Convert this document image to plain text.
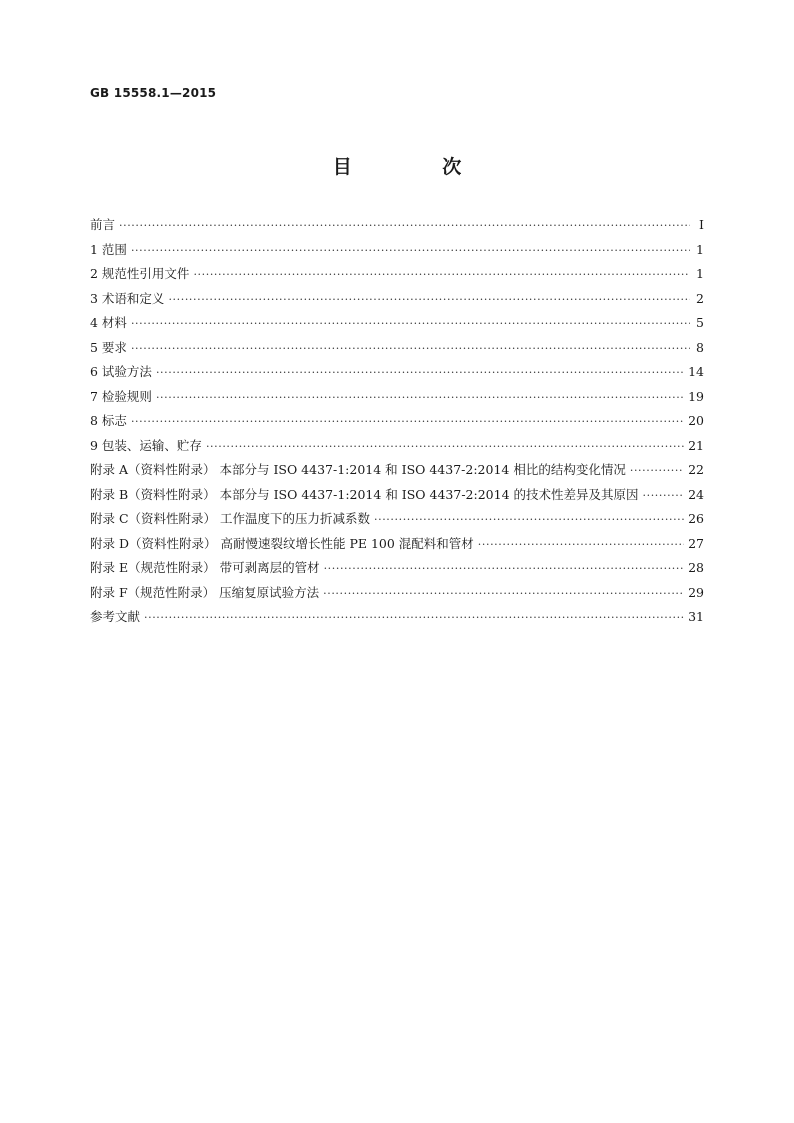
GB 15558.1—2015
目 次
前言 ·····	Ⅰ
1 范围 ·····	1
2 规范性引用文件 ·····	1
3 术语和定义 ·····	2
4 材料 ·····	5
5 要求 ·····	8
6 试验方法 ·····	14
7 检验规则 ·····	19
8 标志 ·····	20
9 包装、运输、贮存 ·····	21
附录 A（资料性附录） 本部分与 ISO 4437-1:2014 和 ISO 4437-2:2014 相比的结构变化情况 ·····	22
附录 B（资料性附录） 本部分与 ISO 4437-1:2014 和 ISO 4437-2:2014 的技术性差异及其原因 ·····	24
附录 C（资料性附录） 工作温度下的压力折减系数 ·····	26
附录 D（资料性附录） 高耐慢速裂纹增长性能 PE 100 混配料和管材 ·····	27
附录 E（规范性附录） 带可剥离层的管材 ·····	28
附录 F（规范性附录） 压缩复原试验方法 ·····	29
参考文献 ·····	31
